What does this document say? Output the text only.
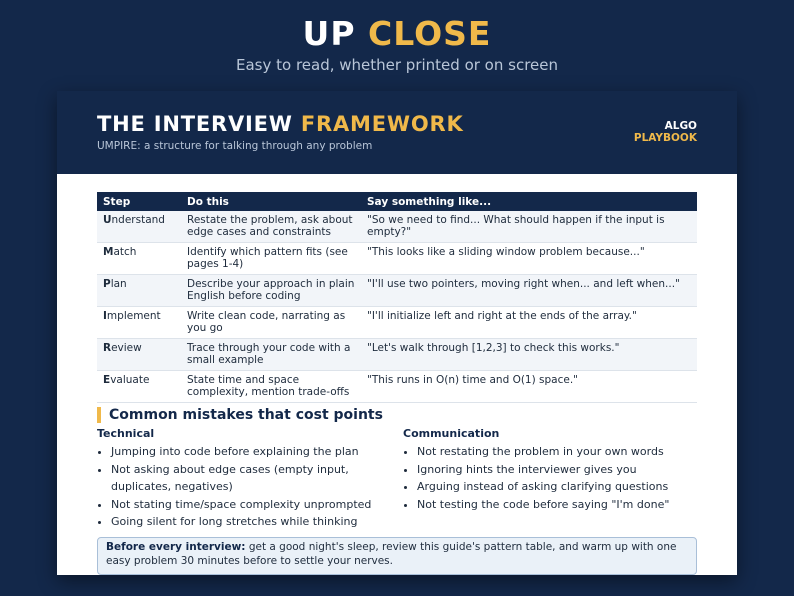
UP CLOSE
Easy to read, whether printed or on screen
THE INTERVIEW FRAMEWORK
UMPIRE: a structure for talking through any problem
ALGO
PLAYBOOK
Step	Do this	Say something like...
Understand	Restate the problem, ask about edge cases and constraints	"So we need to find... What should happen if the input is empty?"
Match	Identify which pattern fits (see pages 1-4)	"This looks like a sliding window problem because..."
Plan	Describe your approach in plain English before coding	"I'll use two pointers, moving right when... and left when..."
Implement	Write clean code, narrating as you go	"I'll initialize left and right at the ends of the array."
Review	Trace through your code with a small example	"Let's walk through [1,2,3] to check this works."
Evaluate	State time and space complexity, mention trade-offs	"This runs in O(n) time and O(1) space."
Common mistakes that cost points
Technical
• Jumping into code before explaining the plan
• Not asking about edge cases (empty input, duplicates, negatives)
• Not stating time/space complexity unprompted
• Going silent for long stretches while thinking
Communication
• Not restating the problem in your own words
• Ignoring hints the interviewer gives you
• Arguing instead of asking clarifying questions
• Not testing the code before saying "I'm done"
Before every interview: get a good night's sleep, review this guide's pattern table, and warm up with one easy problem 30 minutes before to settle your nerves.
